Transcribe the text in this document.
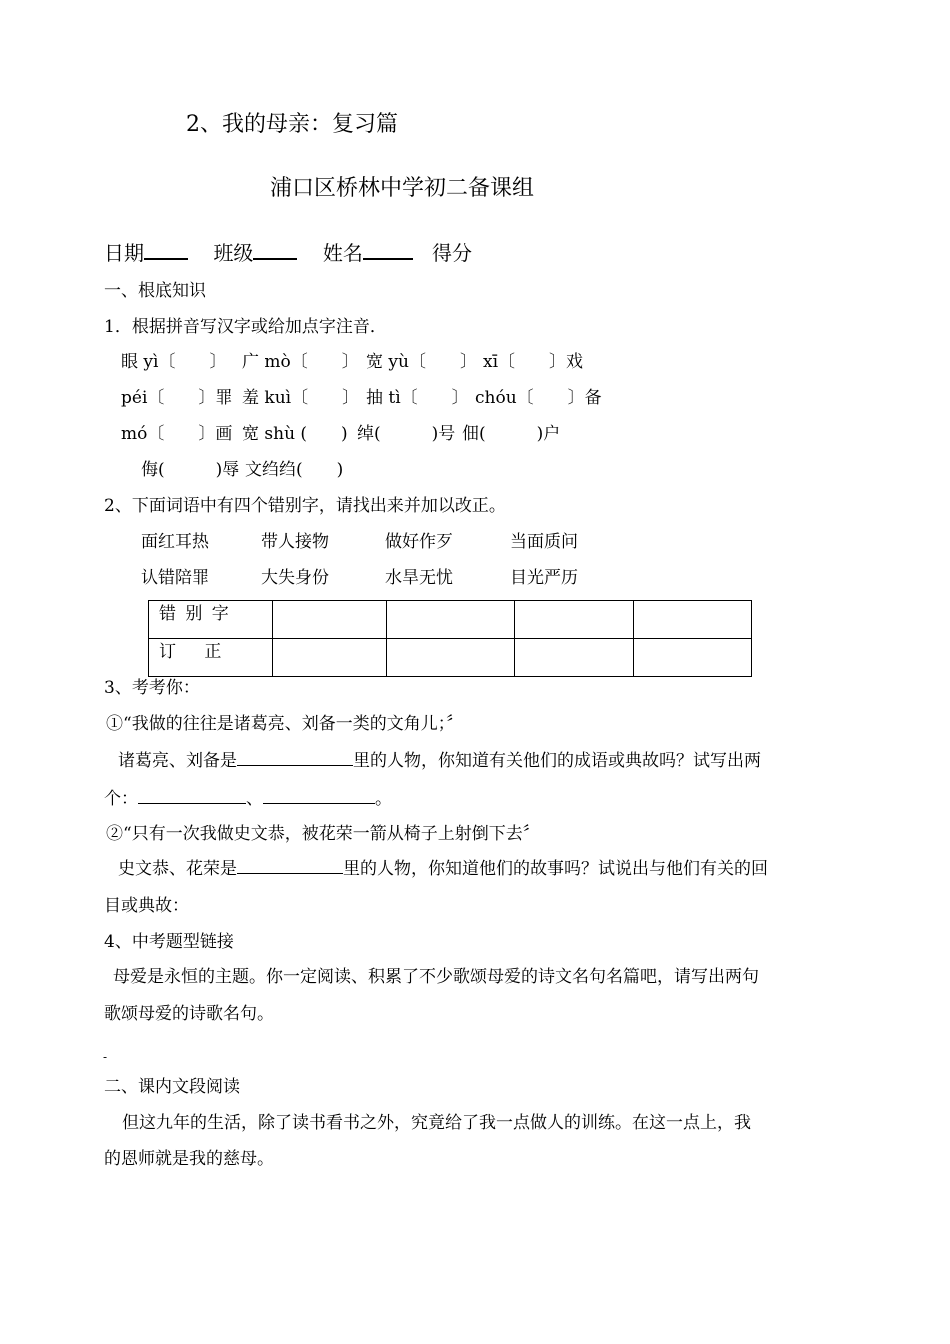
2、我的母亲：复习篇
浦口区桥林中学初二备课组
日期	班级	姓名	得分
一、根底知识
1．根据拼音写汉字或给加点字注音．
眼 yì〔　　〕 广 mò〔　　〕 宽 yù〔　　〕 xī〔　　〕戏
péi〔　　〕罪 羞 kuì〔　　〕 抽 tì〔　　〕 chóu〔　　〕备
mó〔　　〕画 宽 shù (　　) 绰(　　　)号 佃(　　　)户
侮(　　　)辱 文绉绉(　　)
2、下面词语中有四个错别字，请找出来并加以改正。
面红耳热	带人接物	做好作歹	当面质问
认错陪罪	大失身份	水旱无忧	目光严历
错 别 字				
订　 正				
3、考考你：
①“我做的往往是诸葛亮、刘备一类的文角儿；〞
诸葛亮、刘备是	里的人物，你知道有关他们的成语或典故吗？试写出两
个：	、	。
②“只有一次我做史文恭，被花荣一箭从椅子上射倒下去〞
史文恭、花荣是	里的人物，你知道他们的故事吗？试说出与他们有关的回
目或典故：
4、中考题型链接
母爱是永恒的主题。你一定阅读、积累了不少歌颂母爱的诗文名句名篇吧，请写出两句
歌颂母爱的诗歌名句。
-
二、课内文段阅读
但这九年的生活，除了读书看书之外，究竟给了我一点做人的训练。在这一点上，我
的恩师就是我的慈母。
